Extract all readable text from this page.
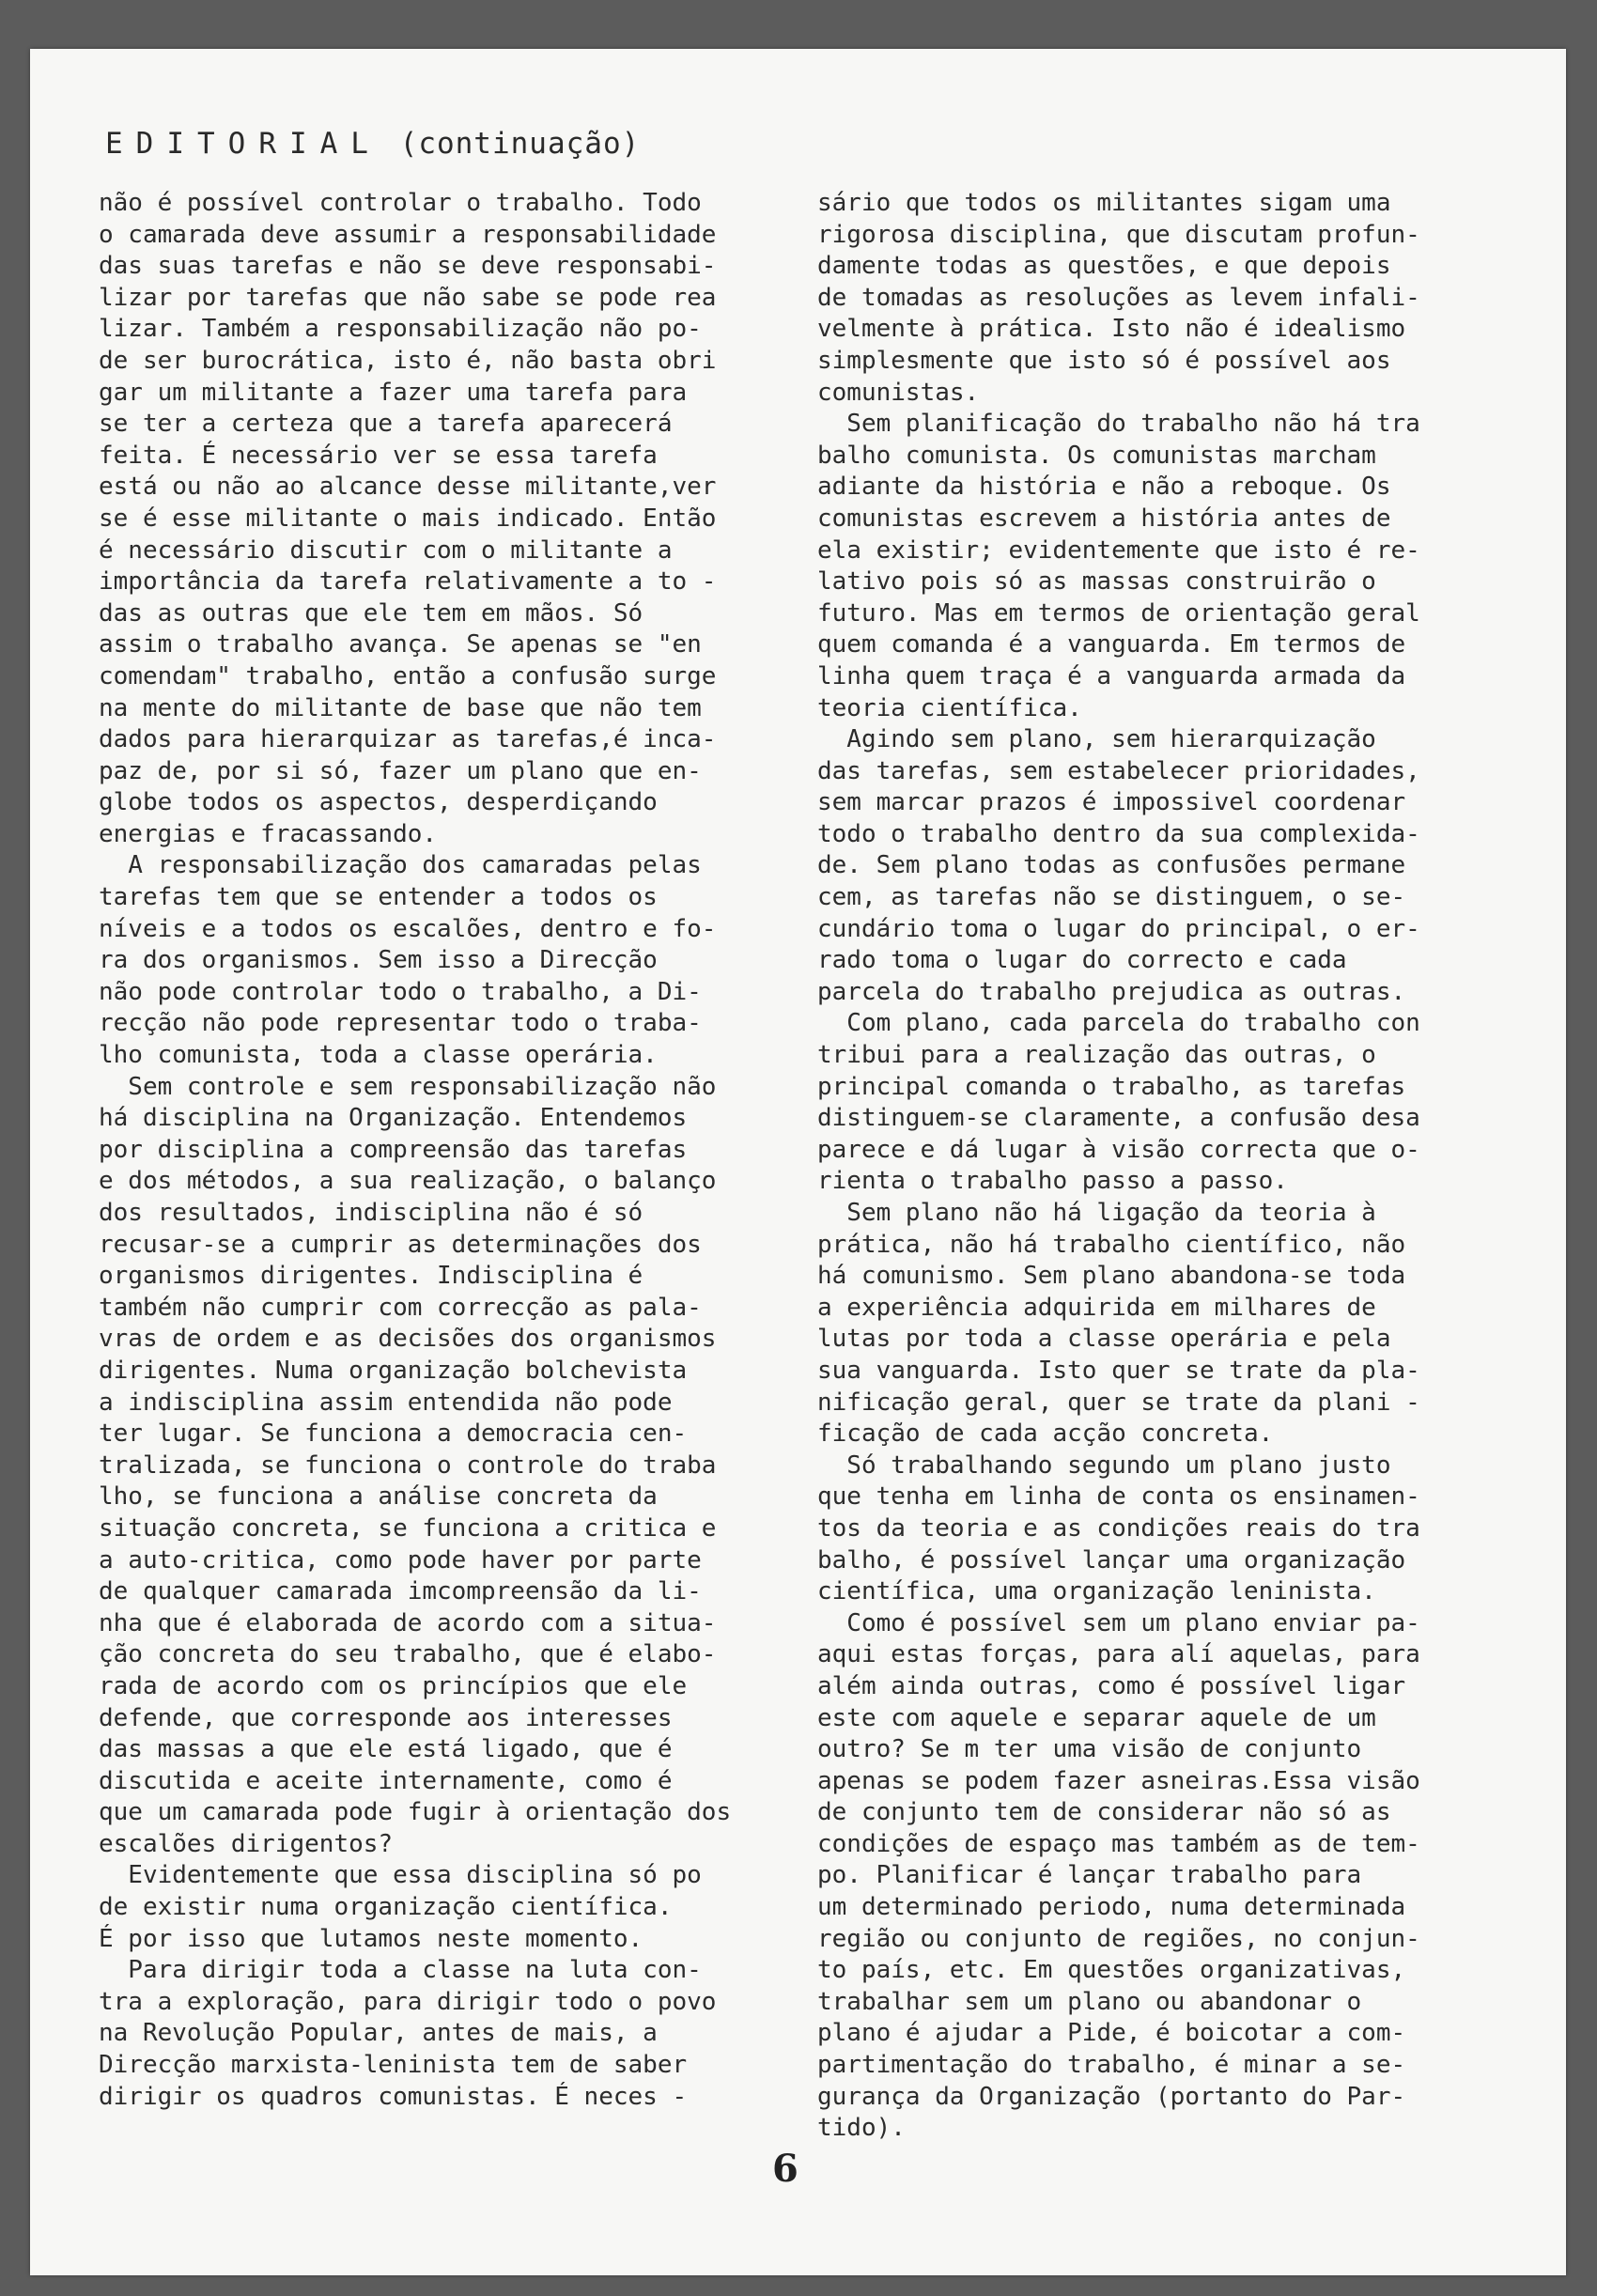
EDITORIAL (continuação)
não é possível controlar o trabalho. Todo
o camarada deve assumir a responsabilidade
das suas tarefas e não se deve responsabi-
lizar por tarefas que não sabe se pode rea
lizar. Também a responsabilização não po-
de ser burocrática, isto é, não basta obri
gar um militante a fazer uma tarefa para
se ter a certeza que a tarefa aparecerá
feita. É necessário ver se essa tarefa
está ou não ao alcance desse militante,ver
se é esse militante o mais indicado. Então
é necessário discutir com o militante a
importância da tarefa relativamente a to -
das as outras que ele tem em mãos. Só
assim o trabalho avança. Se apenas se "en
comendam" trabalho, então a confusão surge
na mente do militante de base que não tem
dados para hierarquizar as tarefas,é inca-
paz de, por si só, fazer um plano que en-
globe todos os aspectos, desperdiçando
energias e fracassando.
A responsabilização dos camaradas pelas
tarefas tem que se entender a todos os
níveis e a todos os escalões, dentro e fo-
ra dos organismos. Sem isso a Direcção
não pode controlar todo o trabalho, a Di-
recção não pode representar todo o traba-
lho comunista, toda a classe operária.
Sem controle e sem responsabilização não
há disciplina na Organização. Entendemos
por disciplina a compreensão das tarefas
e dos métodos, a sua realização, o balanço
dos resultados, indisciplina não é só
recusar-se a cumprir as determinações dos
organismos dirigentes. Indisciplina é
também não cumprir com correcção as pala-
vras de ordem e as decisões dos organismos
dirigentes. Numa organização bolchevista
a indisciplina assim entendida não pode
ter lugar. Se funciona a democracia cen-
tralizada, se funciona o controle do traba
lho, se funciona a análise concreta da
situação concreta, se funciona a critica e
a auto-critica, como pode haver por parte
de qualquer camarada imcompreensão da li-
nha que é elaborada de acordo com a situa-
ção concreta do seu trabalho, que é elabo-
rada de acordo com os princípios que ele
defende, que corresponde aos interesses
das massas a que ele está ligado, que é
discutida e aceite internamente, como é
que um camarada pode fugir à orientação dos
escalões dirigentos?
Evidentemente que essa disciplina só po
de existir numa organização científica.
É por isso que lutamos neste momento.
Para dirigir toda a classe na luta con-
tra a exploração, para dirigir todo o povo
na Revolução Popular, antes de mais, a
Direcção marxista-leninista tem de saber
dirigir os quadros comunistas. É neces -
sário que todos os militantes sigam uma
rigorosa disciplina, que discutam profun-
damente todas as questões, e que depois
de tomadas as resoluções as levem infali-
velmente à prática. Isto não é idealismo
simplesmente que isto só é possível aos
comunistas.
Sem planificação do trabalho não há tra
balho comunista. Os comunistas marcham
adiante da história e não a reboque. Os
comunistas escrevem a história antes de
ela existir; evidentemente que isto é re-
lativo pois só as massas construirão o
futuro. Mas em termos de orientação geral
quem comanda é a vanguarda. Em termos de
linha quem traça é a vanguarda armada da
teoria científica.
Agindo sem plano, sem hierarquização
das tarefas, sem estabelecer prioridades,
sem marcar prazos é impossivel coordenar
todo o trabalho dentro da sua complexida-
de. Sem plano todas as confusões permane
cem, as tarefas não se distinguem, o se-
cundário toma o lugar do principal, o er-
rado toma o lugar do correcto e cada
parcela do trabalho prejudica as outras.
Com plano, cada parcela do trabalho con
tribui para a realização das outras, o
principal comanda o trabalho, as tarefas
distinguem-se claramente, a confusão desa
parece e dá lugar à visão correcta que o-
rienta o trabalho passo a passo.
Sem plano não há ligação da teoria à
prática, não há trabalho científico, não
há comunismo. Sem plano abandona-se toda
a experiência adquirida em milhares de
lutas por toda a classe operária e pela
sua vanguarda. Isto quer se trate da pla-
nificação geral, quer se trate da plani -
ficação de cada acção concreta.
Só trabalhando segundo um plano justo
que tenha em linha de conta os ensinamen-
tos da teoria e as condições reais do tra
balho, é possível lançar uma organização
científica, uma organização leninista.
Como é possível sem um plano enviar pa-
aqui estas forças, para alí aquelas, para
além ainda outras, como é possível ligar
este com aquele e separar aquele de um
outro? Se m ter uma visão de conjunto
apenas se podem fazer asneiras.Essa visão
de conjunto tem de considerar não só as
condições de espaço mas também as de tem-
po. Planificar é lançar trabalho para
um determinado periodo, numa determinada
região ou conjunto de regiões, no conjun-
to país, etc. Em questões organizativas,
trabalhar sem um plano ou abandonar o
plano é ajudar a Pide, é boicotar a com-
partimentação do trabalho, é minar a se-
gurança da Organização (portanto do Par-
tido).
6
